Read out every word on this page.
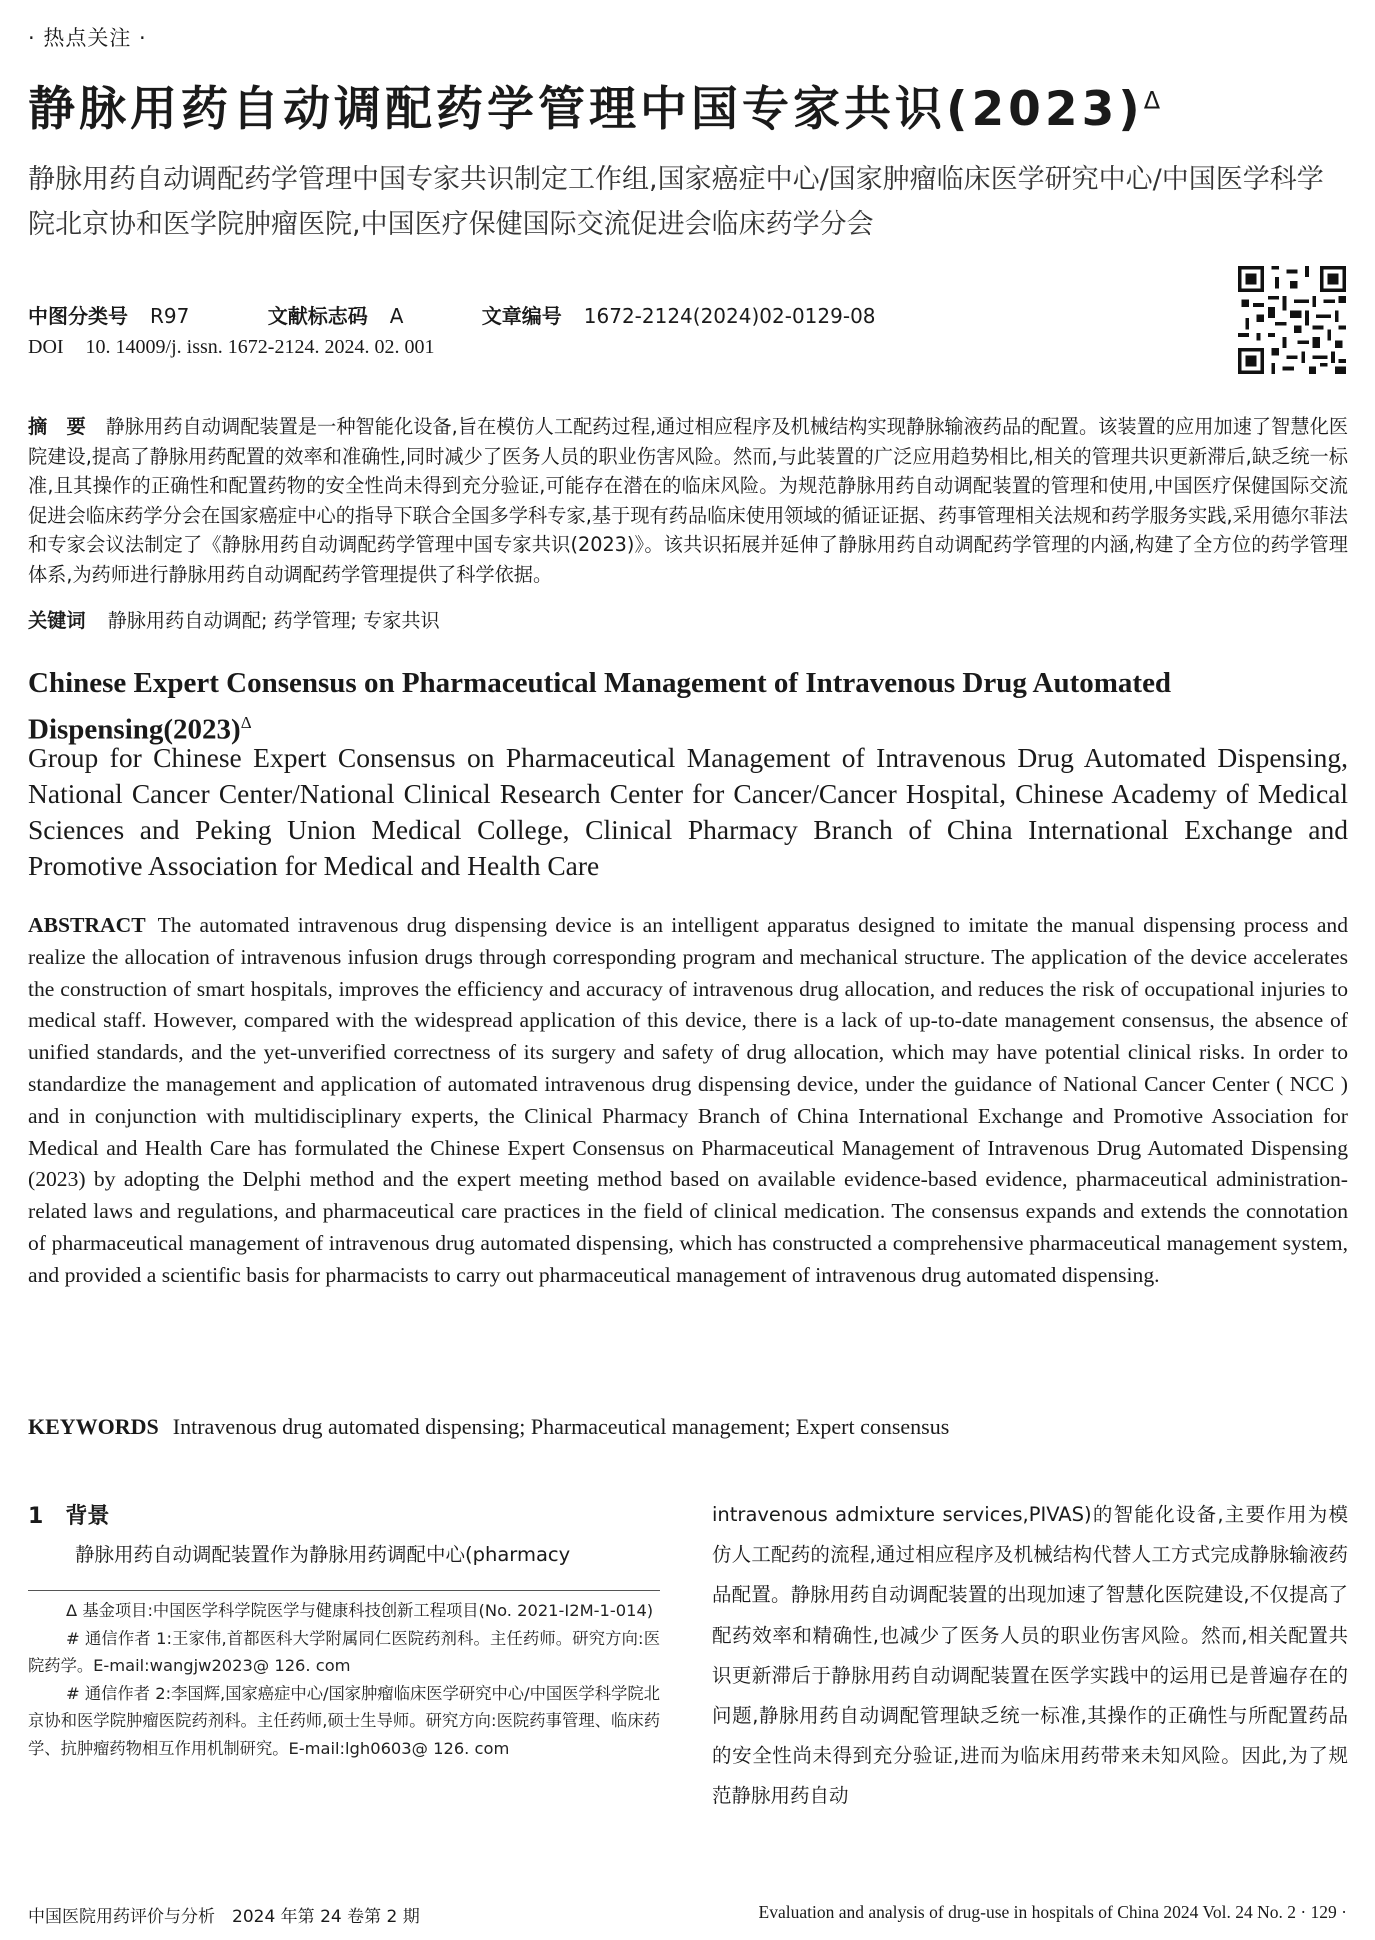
· 热点关注 ·
静脉用药自动调配药学管理中国专家共识$(2023)^\Delta$
静脉用药自动调配药学管理中国专家共识制定工作组,国家癌症中心/国家肿瘤临床医学研究中心/中国医学科学院北京协和医学院肿瘤医院,中国医疗保健国际交流促进会临床药学分会
中图分类号 R97	文献标志码 A	文章编号 1672-2124(2024)02-0129-08
DOI 10. 14009/j. issn. 1672-2124. 2024. 02. 001
摘　要 静脉用药自动调配装置是一种智能化设备,旨在模仿人工配药过程,通过相应程序及机械结构实现静脉输液药品的配置。该装置的应用加速了智慧化医院建设,提高了静脉用药配置的效率和准确性,同时减少了医务人员的职业伤害风险。然而,与此装置的广泛应用趋势相比,相关的管理共识更新滞后,缺乏统一标准,且其操作的正确性和配置药物的安全性尚未得到充分验证,可能存在潜在的临床风险。为规范静脉用药自动调配装置的管理和使用,中国医疗保健国际交流促进会临床药学分会在国家癌症中心的指导下联合全国多学科专家,基于现有药品临床使用领域的循证证据、药事管理相关法规和药学服务实践,采用德尔菲法和专家会议法制定了《静脉用药自动调配药学管理中国专家共识(2023)》。该共识拓展并延伸了静脉用药自动调配药学管理的内涵,构建了全方位的药学管理体系,为药师进行静脉用药自动调配药学管理提供了科学依据。
关键词 静脉用药自动调配; 药学管理; 专家共识
Chinese Expert Consensus on Pharmaceutical Management of Intravenous Drug Automated $Dispensing(2023)^\Delta$
Group for Chinese Expert Consensus on Pharmaceutical Management of Intravenous Drug Automated Dispensing, National Cancer Center/National Clinical Research Center for Cancer/Cancer Hospital, Chinese Academy of Medical Sciences and Peking Union Medical College, Clinical Pharmacy Branch of China International Exchange and Promotive Association for Medical and Health Care
ABSTRACT The automated intravenous drug dispensing device is an intelligent apparatus designed to imitate the manual dispensing process and realize the allocation of intravenous infusion drugs through corresponding program and mechanical structure. The application of the device accelerates the construction of smart hospitals, improves the efficiency and accuracy of intravenous drug allocation, and reduces the risk of occupational injuries to medical staff. However, compared with the widespread application of this device, there is a lack of up-to-date management consensus, the absence of unified standards, and the yet-unverified correctness of its surgery and safety of drug allocation, which may have potential clinical risks. In order to standardize the management and application of automated intravenous drug dispensing device, under the guidance of National Cancer Center ( NCC ) and in conjunction with multidisciplinary experts, the Clinical Pharmacy Branch of China International Exchange and Promotive Association for Medical and Health Care has formulated the Chinese Expert Consensus on Pharmaceutical Management of Intravenous Drug Automated Dispensing (2023) by adopting the Delphi method and the expert meeting method based on available evidence-based evidence, pharmaceutical administration-related laws and regulations, and pharmaceutical care practices in the field of clinical medication. The consensus expands and extends the connotation of pharmaceutical management of intravenous drug automated dispensing, which has constructed a comprehensive pharmaceutical management system, and provided a scientific basis for pharmacists to carry out pharmaceutical management of intravenous drug automated dispensing.
KEYWORDS Intravenous drug automated dispensing; Pharmaceutical management; Expert consensus
1 背景
静脉用药自动调配装置作为静脉用药调配中心(pharmacy

Δ 基金项目:中国医学科学院医学与健康科技创新工程项目(No. 2021-I2M-1-014)

# 通信作者 1:王家伟,首都医科大学附属同仁医院药剂科。主任药师。研究方向:医院药学。E-mail:wangjw2023@ 126. com

# 通信作者 2:李国辉,国家癌症中心/国家肿瘤临床医学研究中心/中国医学科学院北京协和医学院肿瘤医院药剂科。主任药师,硕士生导师。研究方向:医院药事管理、临床药学、抗肿瘤药物相互作用机制研究。E-mail:lgh0603@ 126. com

intravenous admixture services,PIVAS)的智能化设备,主要作用为模仿人工配药的流程,通过相应程序及机械结构代替人工方式完成静脉输液药品配置。静脉用药自动调配装置的出现加速了智慧化医院建设,不仅提高了配药效率和精确性,也减少了医务人员的职业伤害风险。然而,相关配置共识更新滞后于静脉用药自动调配装置在医学实践中的运用已是普遍存在的问题,静脉用药自动调配管理缺乏统一标准,其操作的正确性与所配置药品的安全性尚未得到充分验证,进而为临床用药带来未知风险。因此,为了规范静脉用药自动

中国医院用药评价与分析　2024 年第 24 卷第 2 期	Evaluation and analysis of drug-use in hospitals of China 2024 Vol. 24 No. 2 · 129 ·
